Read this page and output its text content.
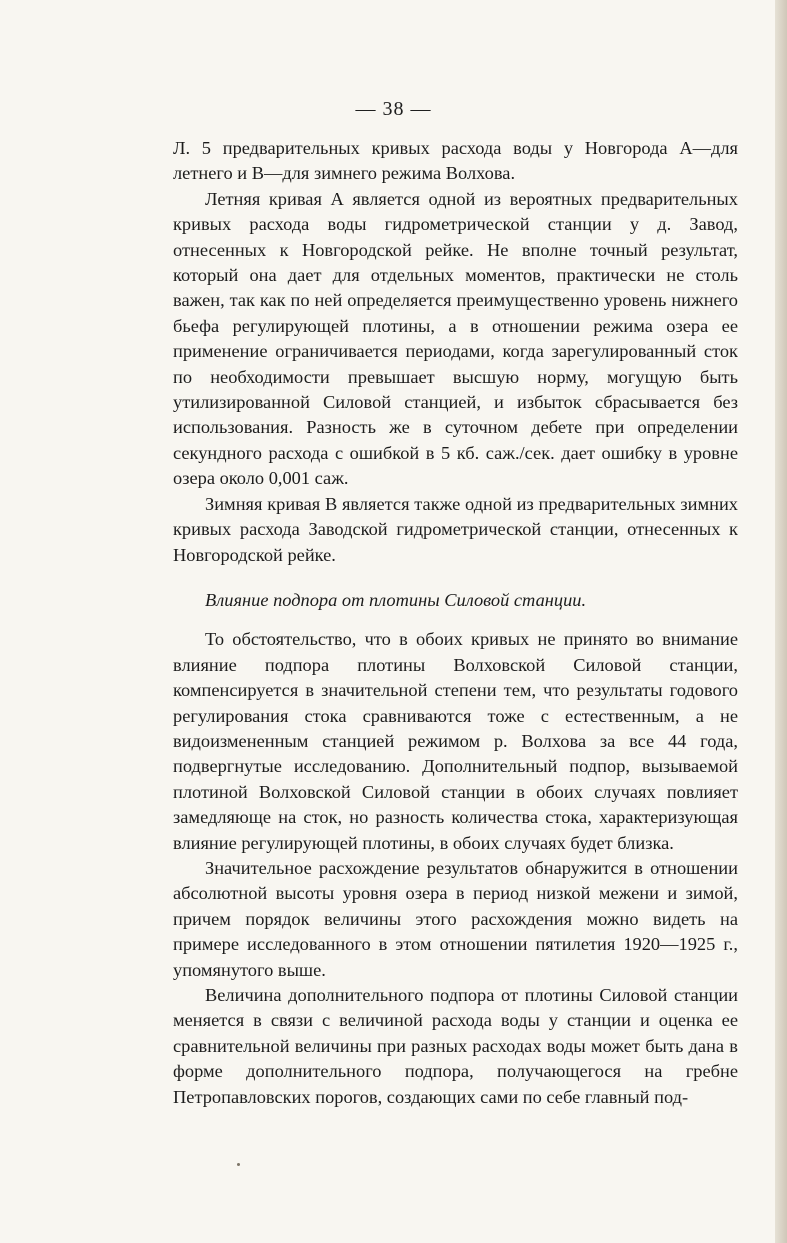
— 38 —

Л. 5 предварительных кривых расхода воды у Новгорода А—для летнего и В—для зимнего режима Волхова.

Летняя кривая А является одной из вероятных предварительных кривых расхода воды гидрометрической станции у д. Завод, отнесенных к Новгородской рейке. Не вполне точный результат, который она дает для отдельных моментов, практически не столь важен, так как по ней определяется преимущественно уровень нижнего бьефа регулирующей плотины, а в отношении режима озера ее применение ограничивается периодами, когда зарегулированный сток по необходимости превышает высшую норму, могущую быть утилизированной Силовой станцией, и избыток сбрасывается без использования. Разность же в суточном дебете при определении секундного расхода с ошибкой в 5 кб. саж./сек. дает ошибку в уровне озера около 0,001 саж.

Зимняя кривая В является также одной из предварительных зимних кривых расхода Заводской гидрометрической станции, отнесенных к Новгородской рейке.

Влияние подпора от плотины Силовой станции.

То обстоятельство, что в обоих кривых не принято во внимание влияние подпора плотины Волховской Силовой станции, компенсируется в значительной степени тем, что результаты годового регулирования стока сравниваются тоже с естественным, а не видоизмененным станцией режимом р. Волхова за все 44 года, подвергнутые исследованию. Дополнительный подпор, вызываемой плотиной Волховской Силовой станции в обоих случаях повлияет замедляюще на сток, но разность количества стока, характеризующая влияние регулирующей плотины, в обоих случаях будет близка.

Значительное расхождение результатов обнаружится в отношении абсолютной высоты уровня озера в период низкой межени и зимой, причем порядок величины этого расхождения можно видеть на примере исследованного в этом отношении пятилетия 1920—1925 г., упомянутого выше.

Величина дополнительного подпора от плотины Силовой станции меняется в связи с величиной расхода воды у станции и оценка ее сравнительной величины при разных расходах воды может быть дана в форме дополнительного подпора, получающегося на гребне Петропавловских порогов, создающих сами по себе главный под-
